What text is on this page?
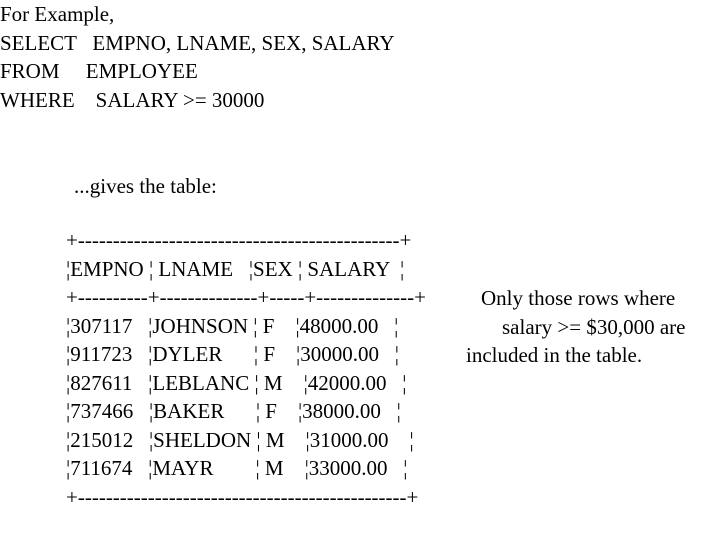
For Example,
SELECT   EMPNO, LNAME, SEX, SALARY
FROM     EMPLOYEE
WHERE    SALARY >= 30000
...gives the table:
+----------------------------------------------+
¦EMPNO ¦ LNAME   ¦SEX ¦ SALARY  ¦
+----------+--------------+-----+--------------+
¦307117   ¦JOHNSON ¦ F    ¦48000.00   ¦
¦911723   ¦DYLER      ¦ F    ¦30000.00   ¦
¦827611   ¦LEBLANC ¦ M    ¦42000.00   ¦
¦737466   ¦BAKER      ¦ F    ¦38000.00   ¦
¦215012   ¦SHELDON ¦ M    ¦31000.00    ¦
¦711674   ¦MAYR        ¦ M    ¦33000.00   ¦
+-----------------------------------------------+
Only those rows where
salary >= $30,000 are
included in the table.
